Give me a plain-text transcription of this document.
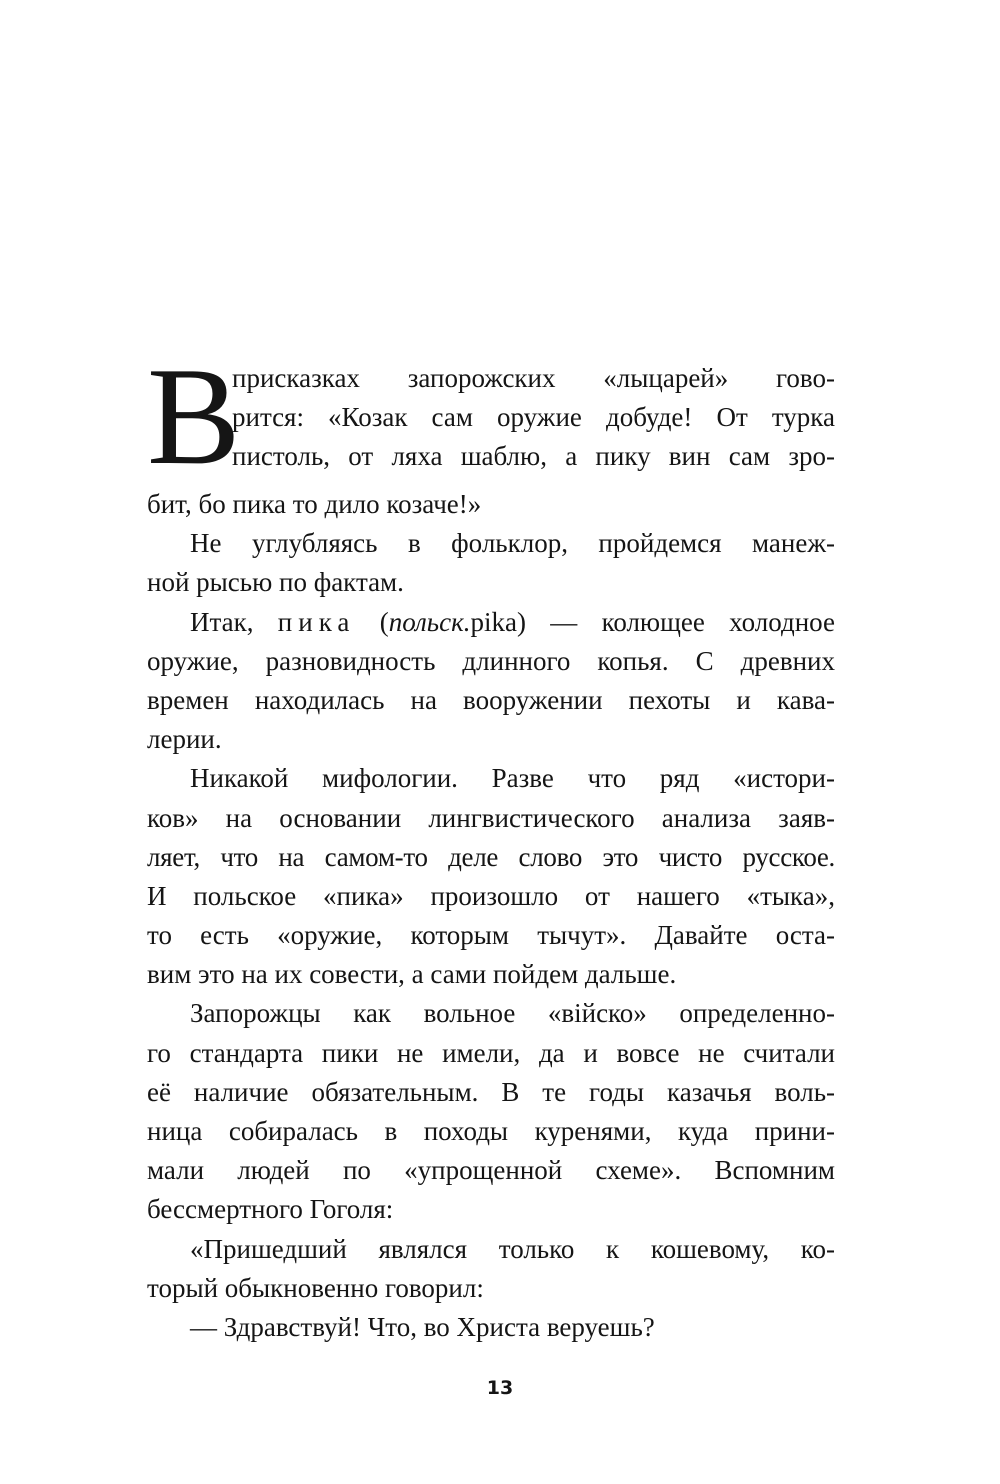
В
присказках запорожских «лыцарей» гово-
рится: «Козак сам оружие добуде! От турка
пистоль, от ляха шаблю, а пику вин сам зро-
бит, бо пика то дило козаче!»
Не углубляясь в фольклор, пройдемся манеж-
ной рысью по фактам.
Итак, пика (польск.pika) — колющее холодное
оружие, разновидность длинного копья. С древних
времен находилась на вооружении пехоты и кава-
лерии.
Никакой мифологии. Разве что ряд «истори-
ков» на основании лингвистического анализа заяв-
ляет, что на самом-то деле слово это чисто русское.
И польское «пика» произошло от нашего «тыка»,
то есть «оружие, которым тычут». Давайте оста-
вим это на их совести, а сами пойдем дальше.
Запорожцы как вольное «війско» определенно-
го стандарта пики не имели, да и вовсе не считали
её наличие обязательным. В те годы казачья воль-
ница собиралась в походы куренями, куда прини-
мали людей по «упрощенной схеме». Вспомним
бессмертного Гоголя:
«Пришедший являлся только к кошевому, ко-
торый обыкновенно говорил:
— Здравствуй! Что, во Христа веруешь?
13
